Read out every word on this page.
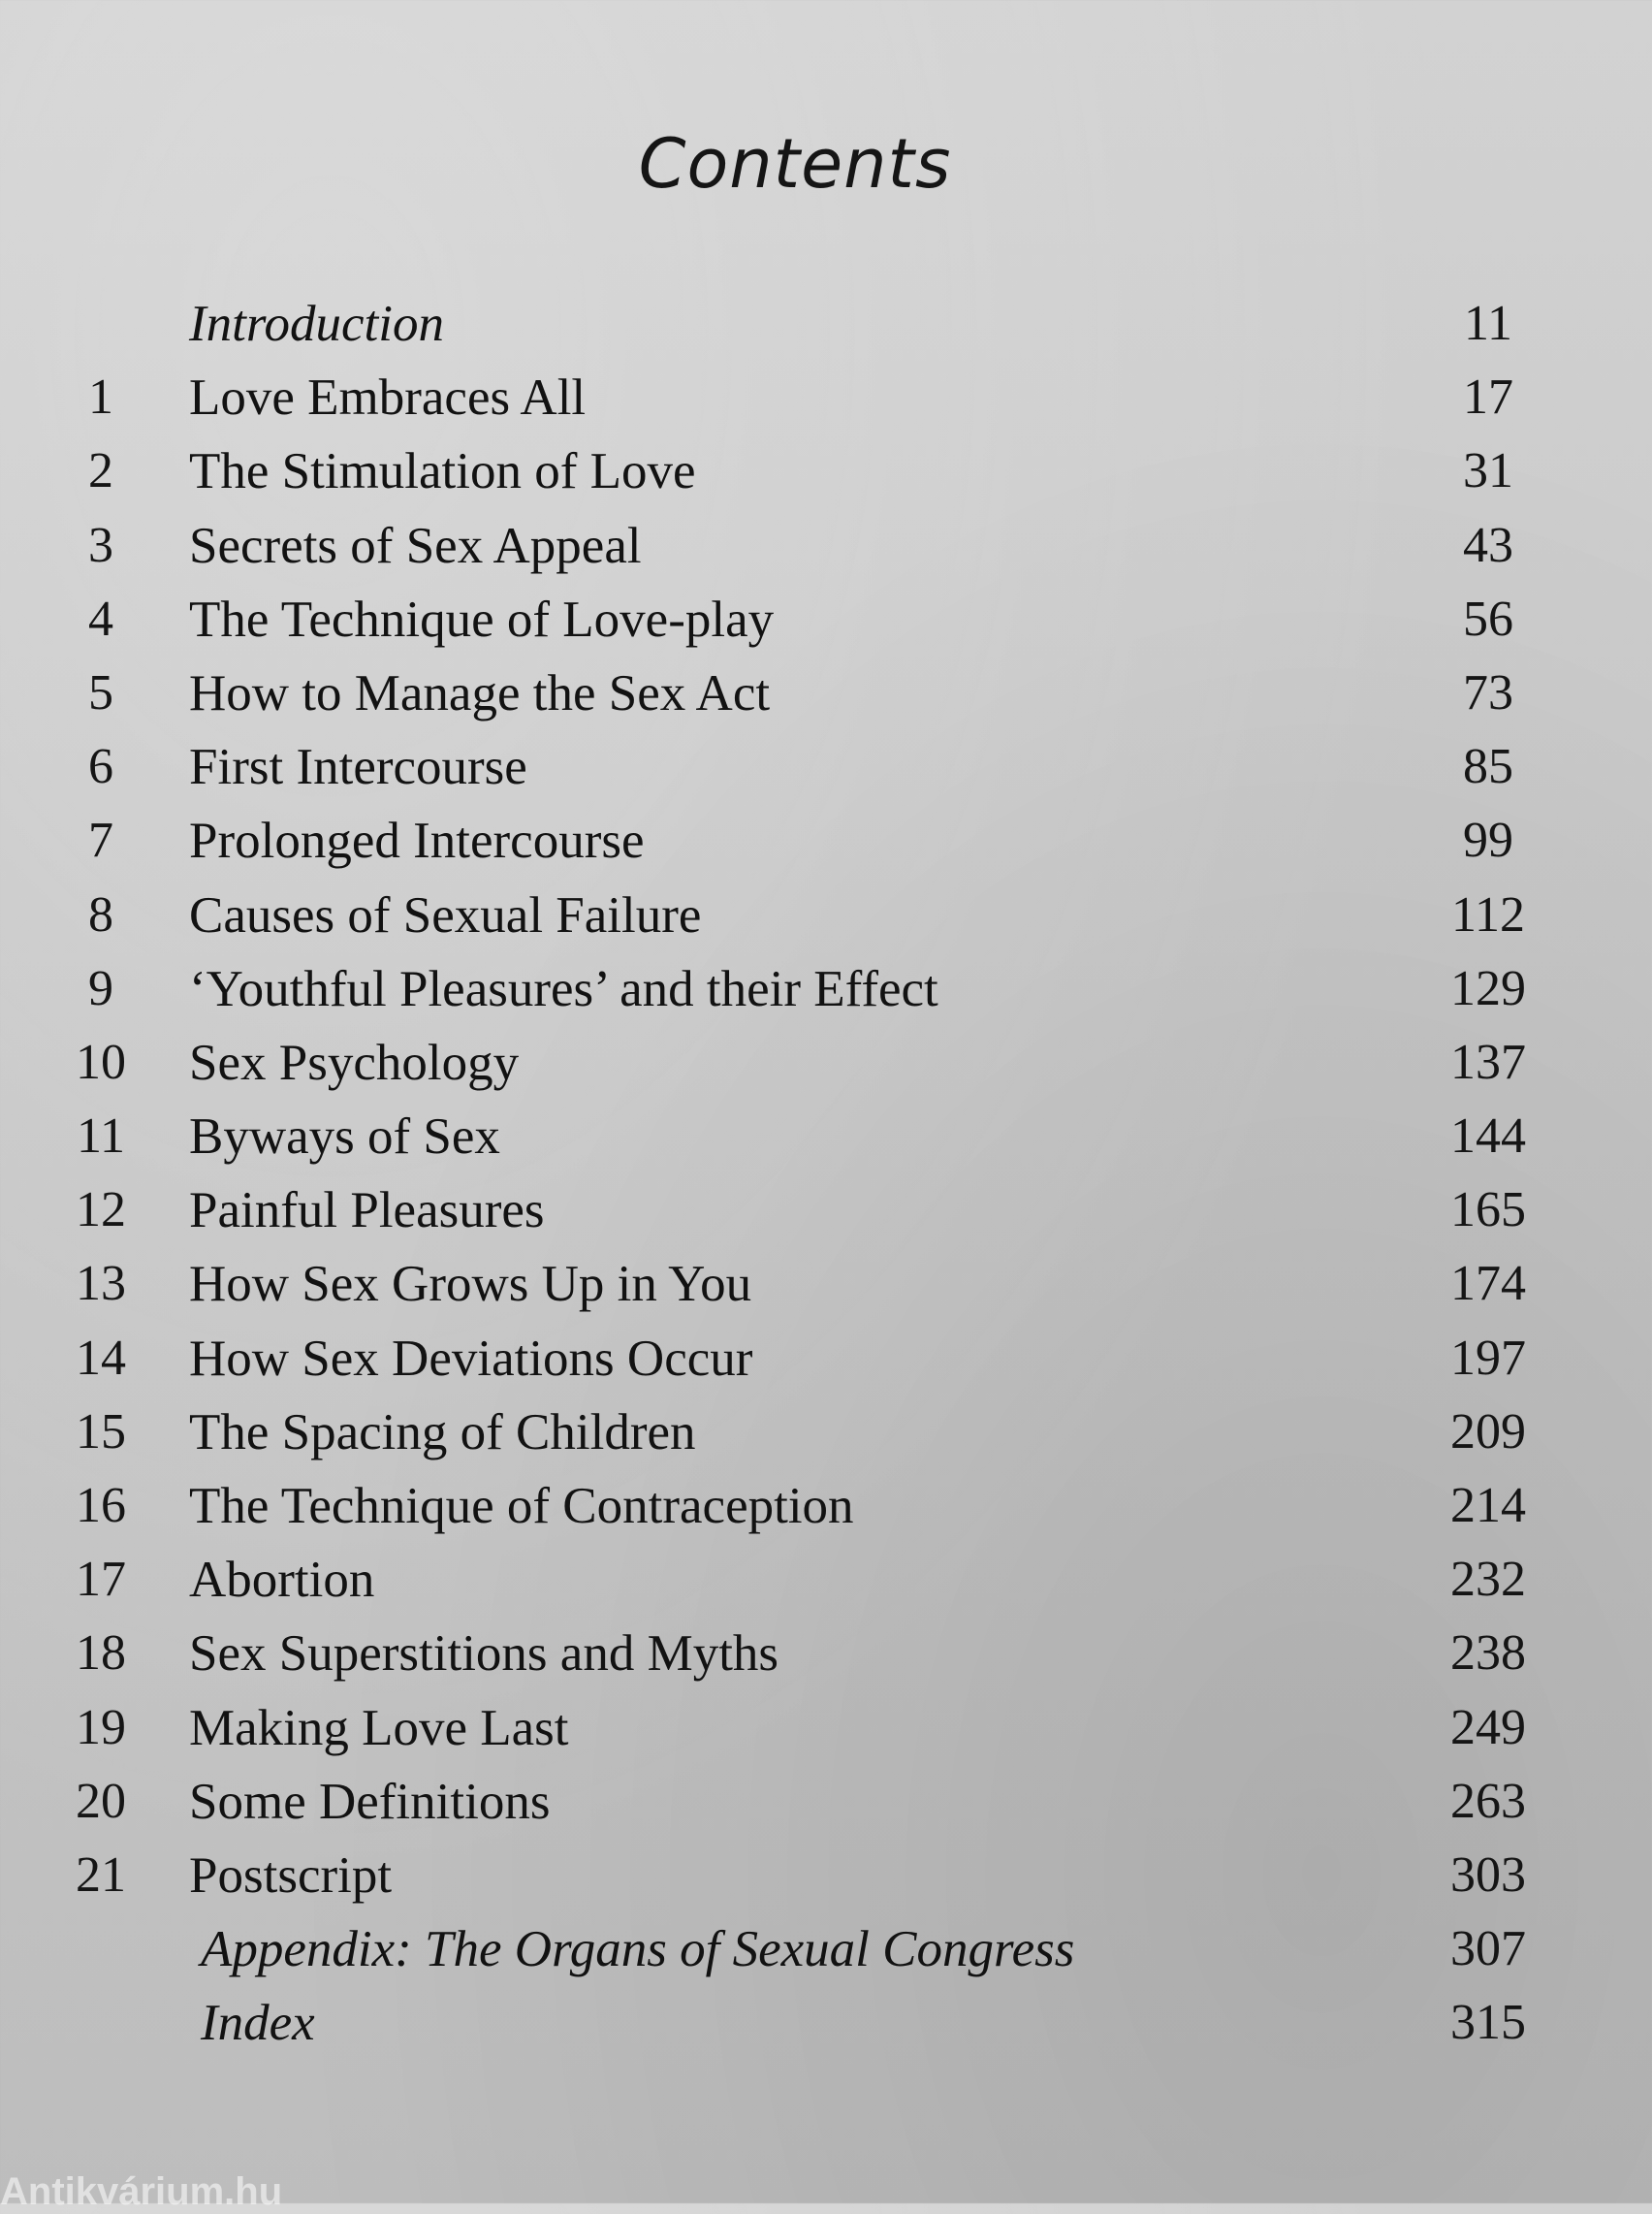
Contents
Introduction	11
1	Love Embraces All	17
2	The Stimulation of Love	31
3	Secrets of Sex Appeal	43
4	The Technique of Love-play	56
5	How to Manage the Sex Act	73
6	First Intercourse	85
7	Prolonged Intercourse	99
8	Causes of Sexual Failure	112
9	‘Youthful Pleasures’ and their Effect	129
10	Sex Psychology	137
11	Byways of Sex	144
12	Painful Pleasures	165
13	How Sex Grows Up in You	174
14	How Sex Deviations Occur	197
15	The Spacing of Children	209
16	The Technique of Contraception	214
17	Abortion	232
18	Sex Superstitions and Myths	238
19	Making Love Last	249
20	Some Definitions	263
21	Postscript	303
Appendix: The Organs of Sexual Congress	307
Index	315
Antikvárium.hu
